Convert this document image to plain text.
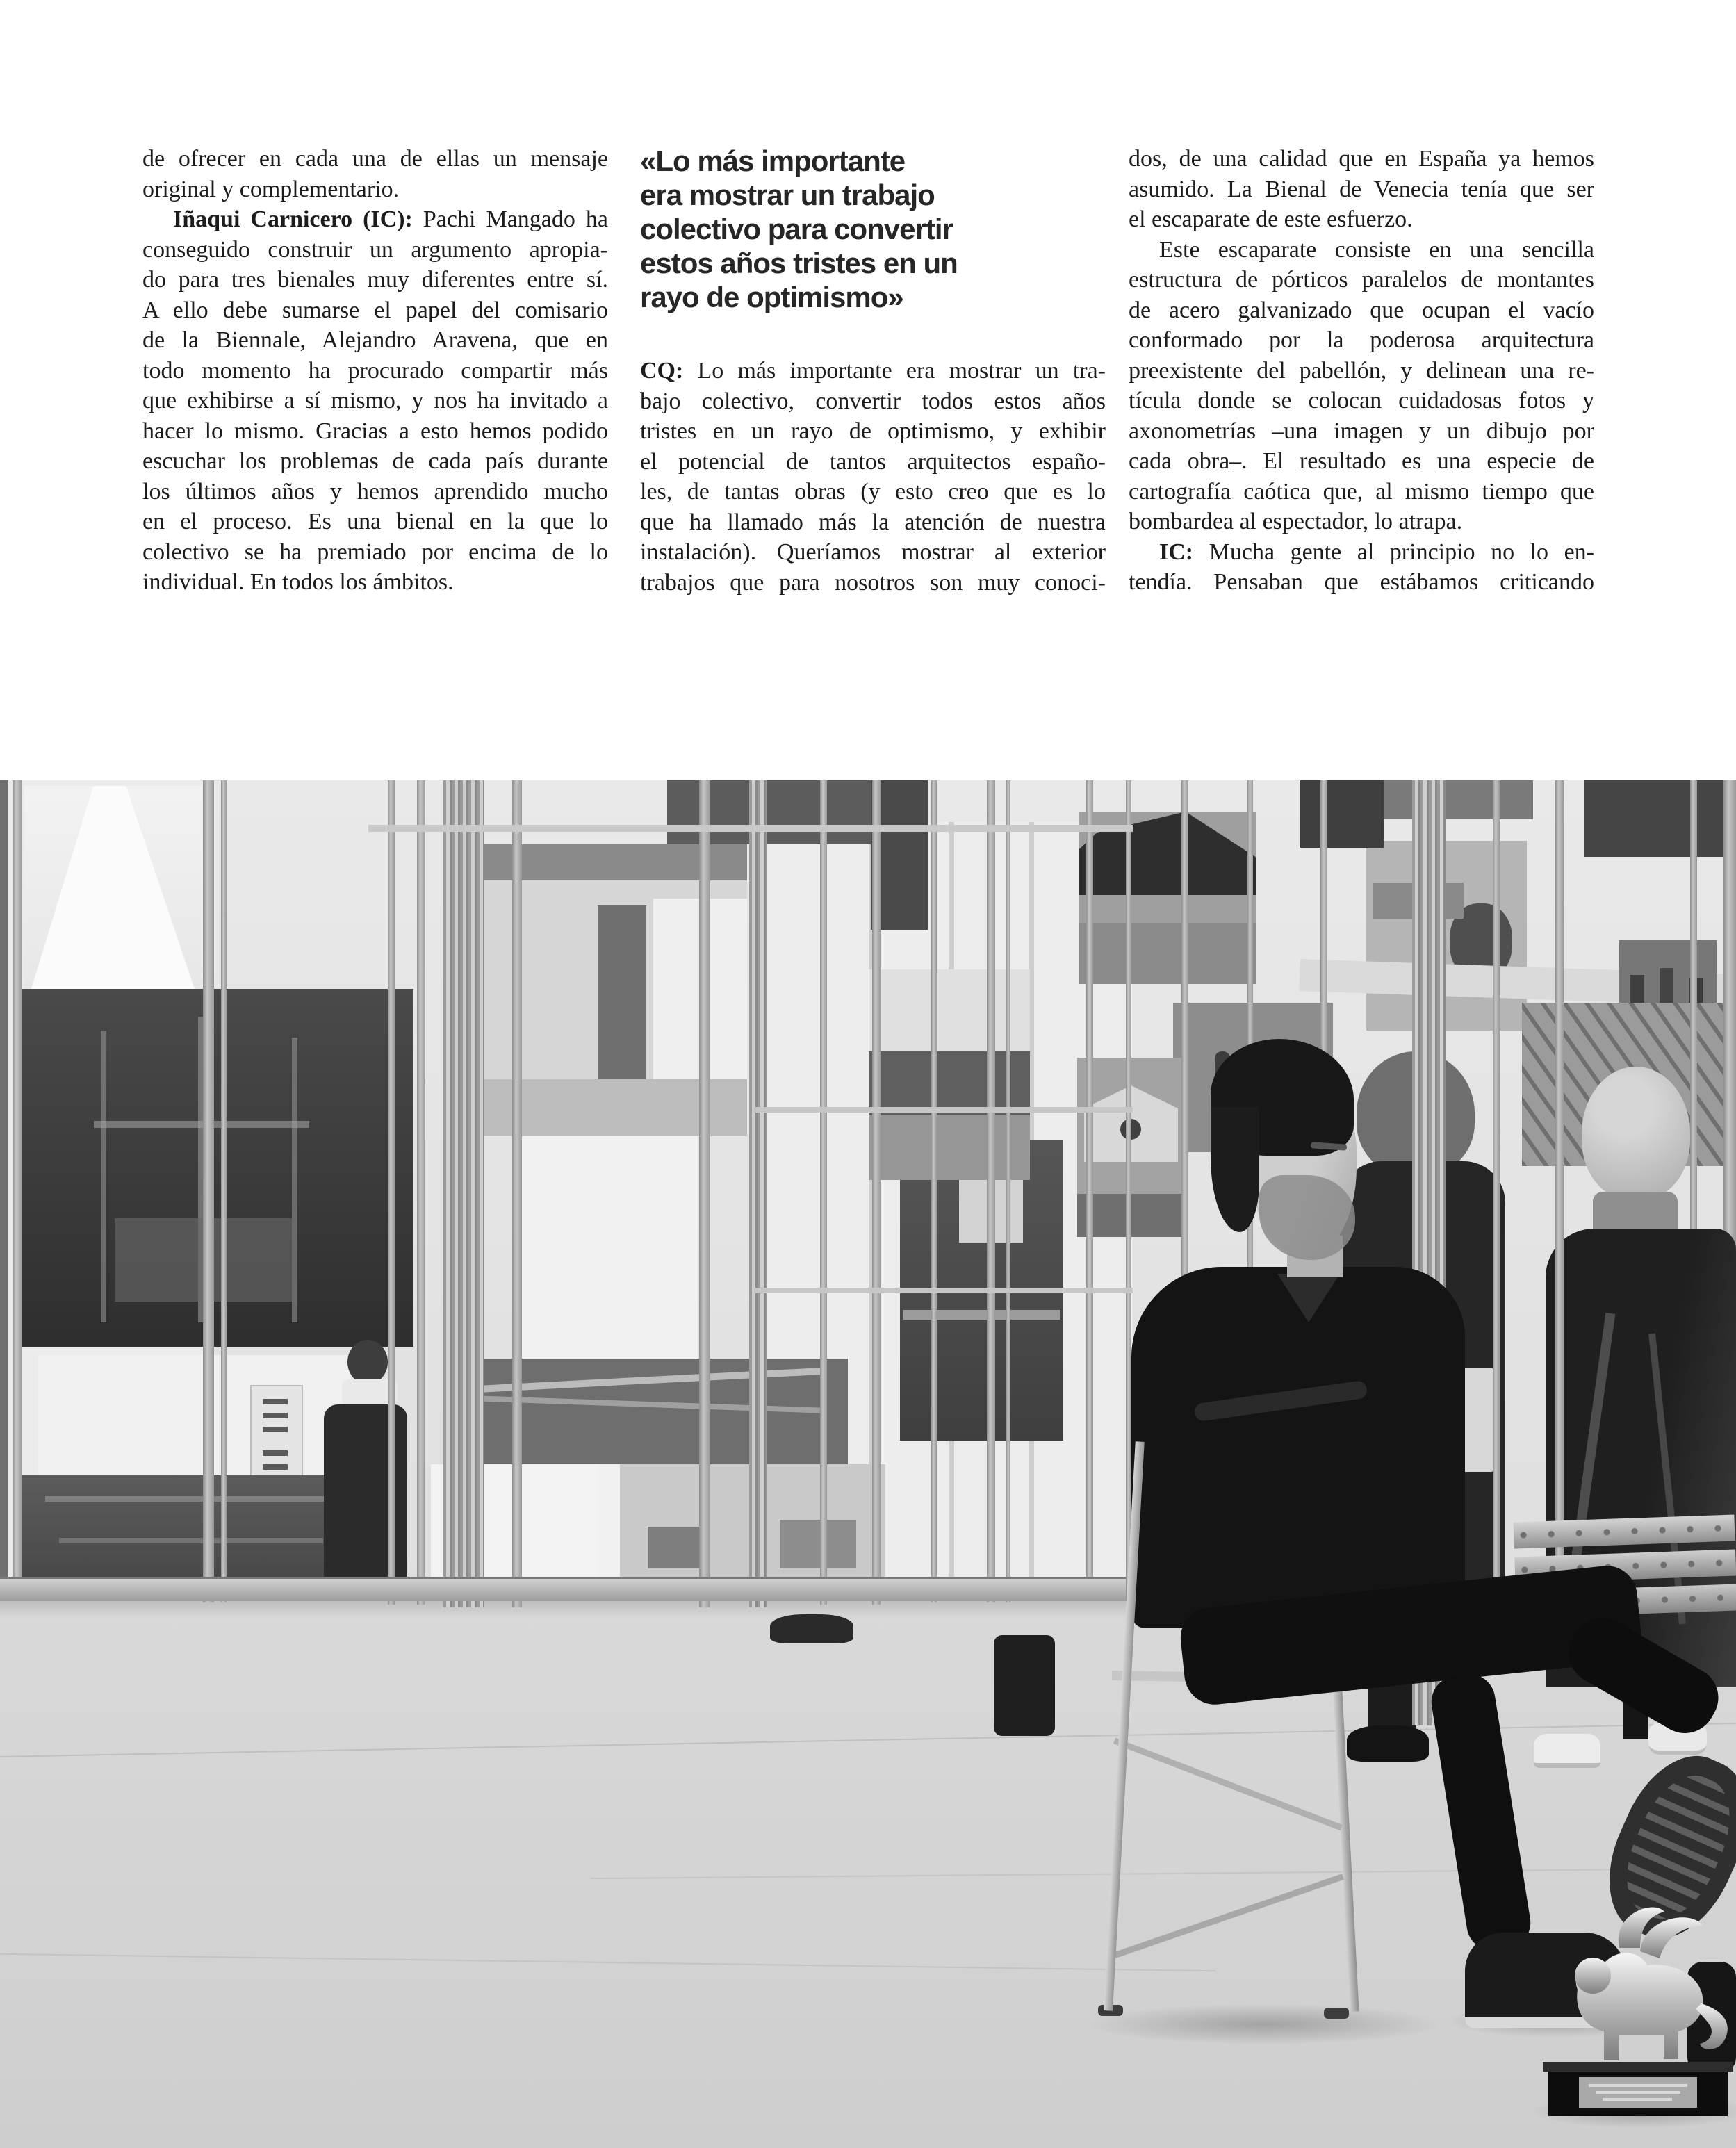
de ofrecer en cada una de ellas un mensaje
original y complementario.
Iñaqui Carnicero (IC): Pachi Mangado ha
conseguido construir un argumento apropia-
do para tres bienales muy diferentes entre sí.
A ello debe sumarse el papel del comisario
de la Biennale, Alejandro Aravena, que en
todo momento ha procurado compartir más
que exhibirse a sí mismo, y nos ha invitado a
hacer lo mismo. Gracias a esto hemos podido
escuchar los problemas de cada país durante
los últimos años y hemos aprendido mucho
en el proceso. Es una bienal en la que lo
colectivo se ha premiado por encima de lo
individual. En todos los ámbitos.
«Lo más importante
era mostrar un trabajo
colectivo para convertir
estos años tristes en un
rayo de optimismo»
CQ: Lo más importante era mostrar un tra-
bajo colectivo, convertir todos estos años
tristes en un rayo de optimismo, y exhibir
el potencial de tantos arquitectos españo-
les, de tantas obras (y esto creo que es lo
que ha llamado más la atención de nuestra
instalación). Queríamos mostrar al exterior
trabajos que para nosotros son muy conoci-
dos, de una calidad que en España ya hemos
asumido. La Bienal de Venecia tenía que ser
el escaparate de este esfuerzo.
Este escaparate consiste en una sencilla
estructura de pórticos paralelos de montantes
de acero galvanizado que ocupan el vacío
conformado por la poderosa arquitectura
preexistente del pabellón, y delinean una re-
tícula donde se colocan cuidadosas fotos y
axonometrías –una imagen y un dibujo por
cada obra–. El resultado es una especie de
cartografía caótica que, al mismo tiempo que
bombardea al espectador, lo atrapa.
IC: Mucha gente al principio no lo en-
tendía. Pensaban que estábamos criticando
